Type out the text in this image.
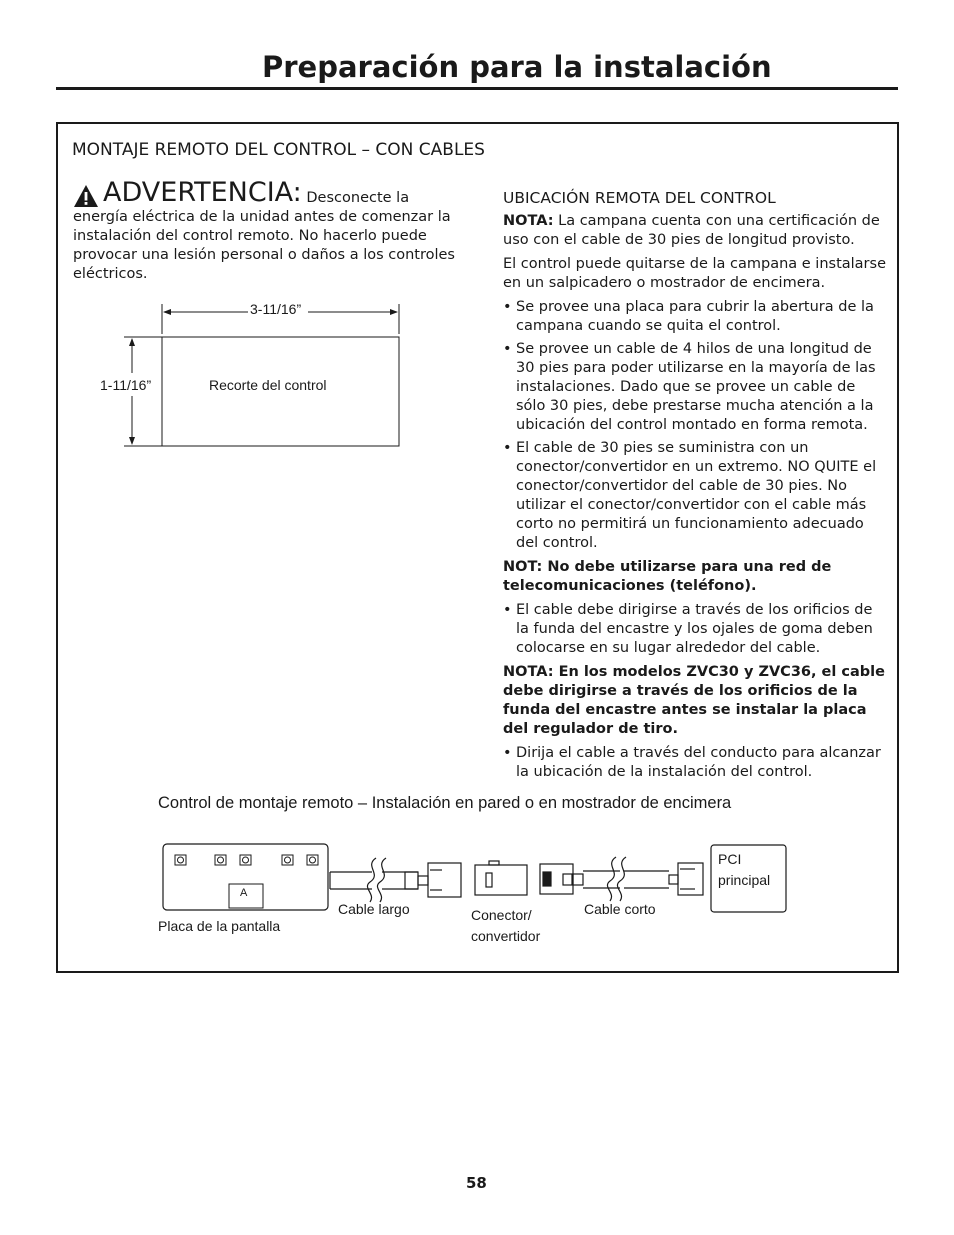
Preparación para la instalación
MONTAJE REMOTO DEL CONTROL – CON CABLES
ADVERTENCIA: Desconecte la energía eléctrica de la unidad antes de comenzar la instalación del control remoto. No hacerlo puede provocar una lesión personal o daños a los controles eléctricos.
3-11/16”
1-11/16”	Recorte del control
UBICACIÓN REMOTA DEL CONTROL

NOTA: La campana cuenta con una certificación de uso con el cable de 30 pies de longitud provisto.

El control puede quitarse de la campana e instalarse en un salpicadero o mostrador de encimera.

• Se provee una placa para cubrir la abertura de la campana cuando se quita el control.
• Se provee un cable de 4 hilos de una longitud de 30 pies para poder utilizarse en la mayoría de las instalaciones. Dado que se provee un cable de sólo 30 pies, debe prestarse mucha atención a la ubicación del control montado en forma remota.
• El cable de 30 pies se suministra con un conector/convertidor en un extremo. NO QUITE el conector/convertidor del cable de 30 pies. No utilizar el conector/convertidor con el cable más corto no permitirá un funcionamiento adecuado del control.

NOT: No debe utilizarse para una red de telecomunicaciones (teléfono).

• El cable debe dirigirse a través de los orificios de la funda del encastre y los ojales de goma deben colocarse en su lugar alrededor del cable.

NOTA: En los modelos ZVC30 y ZVC36, el cable debe dirigirse a través de los orificios de la funda del encastre antes se instalar la placa del regulador de tiro.

• Dirija el cable a través del conducto para alcanzar la ubicación de la instalación del control.
Control de montaje remoto – Instalación en pared o en mostrador de encimera
A
Placa de la pantalla
Cable largo	Conector/
convertidor
Cable corto
PCI
principal
58
